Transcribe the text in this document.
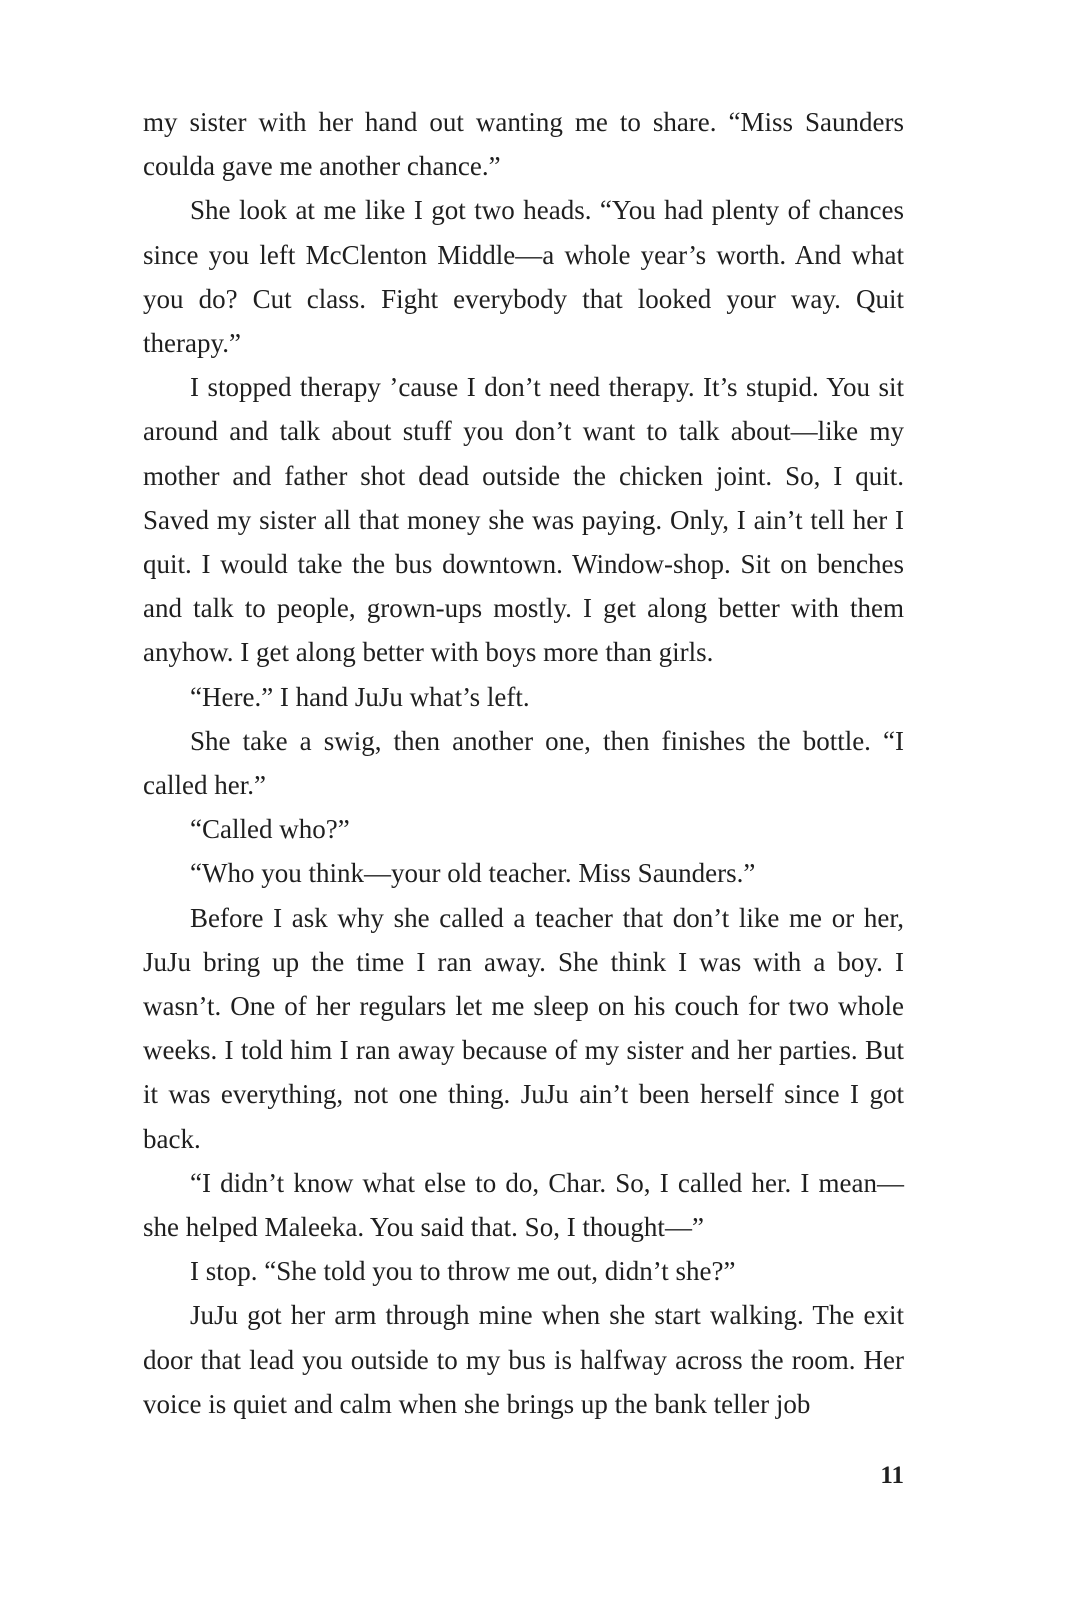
my sister with her hand out wanting me to share. “Miss Saunders coulda gave me another chance.”

She look at me like I got two heads. “You had plenty of chances since you left McClenton Middle—a whole year’s worth. And what you do? Cut class. Fight everybody that looked your way. Quit therapy.”

I stopped therapy ’cause I don’t need therapy. It’s stupid. You sit around and talk about stuff you don’t want to talk about—like my mother and father shot dead outside the chicken joint. So, I quit. Saved my sister all that money she was paying. Only, I ain’t tell her I quit. I would take the bus downtown. Window-shop. Sit on benches and talk to people, grown-ups mostly. I get along better with them anyhow. I get along better with boys more than girls.

“Here.” I hand JuJu what’s left.

She take a swig, then another one, then finishes the bottle. “I called her.”

“Called who?”

“Who you think—your old teacher. Miss Saunders.”

Before I ask why she called a teacher that don’t like me or her, JuJu bring up the time I ran away. She think I was with a boy. I wasn’t. One of her regulars let me sleep on his couch for two whole weeks. I told him I ran away because of my sister and her parties. But it was everything, not one thing. JuJu ain’t been herself since I got back.

“I didn’t know what else to do, Char. So, I called her. I mean—she helped Maleeka. You said that. So, I thought—”

I stop. “She told you to throw me out, didn’t she?”

JuJu got her arm through mine when she start walking. The exit door that lead you outside to my bus is halfway across the room. Her voice is quiet and calm when she brings up the bank teller job

11
